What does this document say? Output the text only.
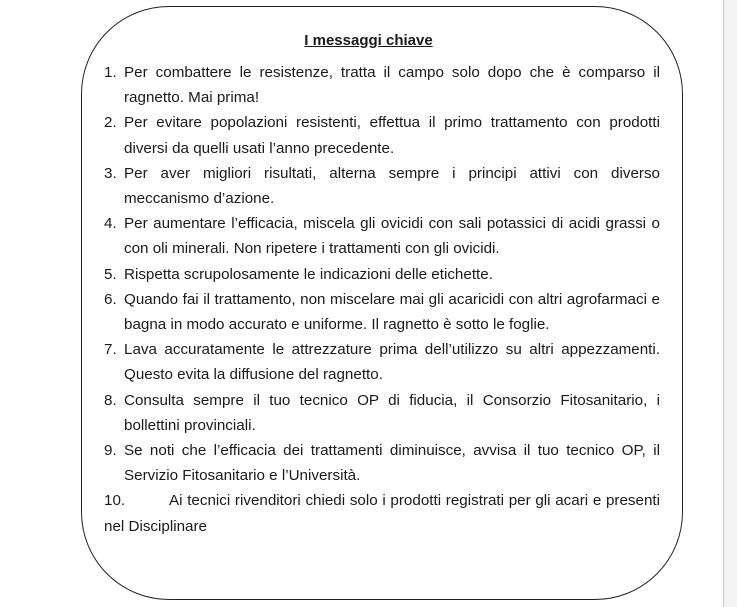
I messaggi chiave
1. Per combattere le resistenze, tratta il campo solo dopo che è comparso il ragnetto. Mai prima!
2. Per evitare popolazioni resistenti, effettua il primo trattamento con prodotti diversi da quelli usati l’anno precedente.
3. Per aver migliori risultati, alterna sempre i principi attivi con diverso meccanismo d’azione.
4. Per aumentare l’efficacia, miscela gli ovicidi con sali potassici di acidi grassi o con oli minerali. Non ripetere i trattamenti con gli ovicidi.
5. Rispetta scrupolosamente le indicazioni delle etichette.
6. Quando fai il trattamento, non miscelare mai gli acaricidi con altri agrofarmaci e bagna in modo accurato e uniforme. Il ragnetto è sotto le foglie.
7. Lava accuratamente le attrezzature prima dell’utilizzo su altri appezzamenti. Questo evita la diffusione del ragnetto.
8. Consulta sempre il tuo tecnico OP di fiducia, il Consorzio Fitosanitario, i bollettini provinciali.
9. Se noti che l’efficacia dei trattamenti diminuisce, avvisa il tuo tecnico OP, il Servizio Fitosanitario e l’Università.
10.	Ai tecnici rivenditori chiedi solo i prodotti registrati per gli acari e presenti nel Disciplinare
